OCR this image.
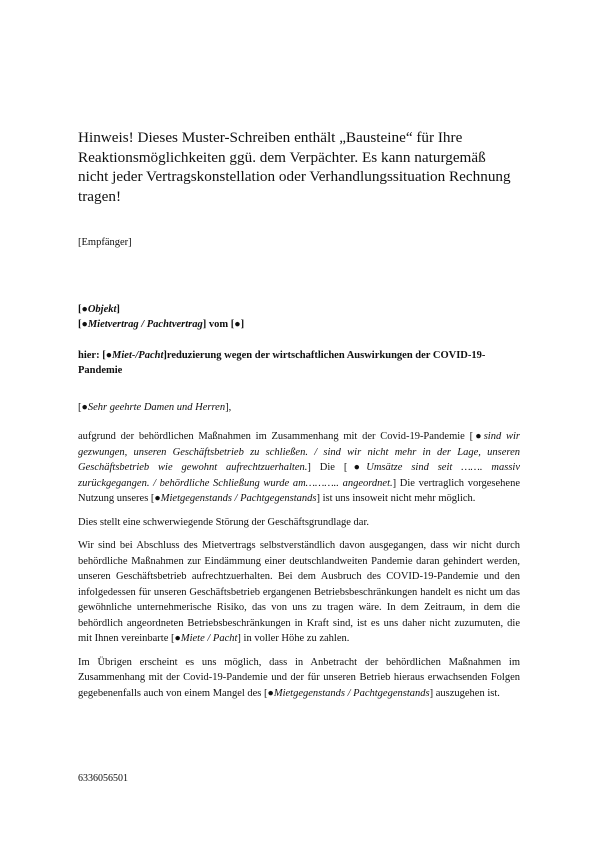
Hinweis! Dieses Muster-Schreiben enthält „Bausteine“ für Ihre Reaktionsmöglichkeiten ggü. dem Verpächter. Es kann naturgemäß nicht jeder Vertragskonstellation oder Verhandlungssituation Rechnung tragen!

[Empfänger]

[●Objekt]
[●Mietvertrag / Pachtvertrag] vom [●]

hier: [●Miet-/Pacht]reduzierung wegen der wirtschaftlichen Auswirkungen der COVID-19-Pandemie

[●Sehr geehrte Damen und Herren],

aufgrund der behördlichen Maßnahmen im Zusammenhang mit der Covid-19-Pandemie [●sind wir gezwungen, unseren Geschäftsbetrieb zu schließen. / sind wir nicht mehr in der Lage, unseren Geschäftsbetrieb wie gewohnt aufrechtzuerhalten.] Die [●Umsätze sind seit ……. massiv zurückgegangen. / behördliche Schließung wurde am……….. angeordnet.] Die vertraglich vorgesehene Nutzung unseres [●Mietgegenstands / Pachtgegenstands] ist uns insoweit nicht mehr möglich.

Dies stellt eine schwerwiegende Störung der Geschäftsgrundlage dar.

Wir sind bei Abschluss des Mietvertrags selbstverständlich davon ausgegangen, dass wir nicht durch behördliche Maßnahmen zur Eindämmung einer deutschlandweiten Pandemie daran gehindert werden, unseren Geschäftsbetrieb aufrechtzuerhalten. Bei dem Ausbruch des COVID-19-Pandemie und den infolgedessen für unseren Geschäftsbetrieb ergangenen Betriebsbeschränkungen handelt es nicht um das gewöhnliche unternehmerische Risiko, das von uns zu tragen wäre. In dem Zeitraum, in dem die behördlich angeordneten Betriebsbeschränkungen in Kraft sind, ist es uns daher nicht zuzumuten, die mit Ihnen vereinbarte [●Miete / Pacht] in voller Höhe zu zahlen.

Im Übrigen erscheint es uns möglich, dass in Anbetracht der behördlichen Maßnahmen im Zusammenhang mit der Covid-19-Pandemie und der für unseren Betrieb hieraus erwachsenden Folgen gegebenenfalls auch von einem Mangel des [●Mietgegenstands / Pachtgegenstands] auszugehen ist.

6336056501
